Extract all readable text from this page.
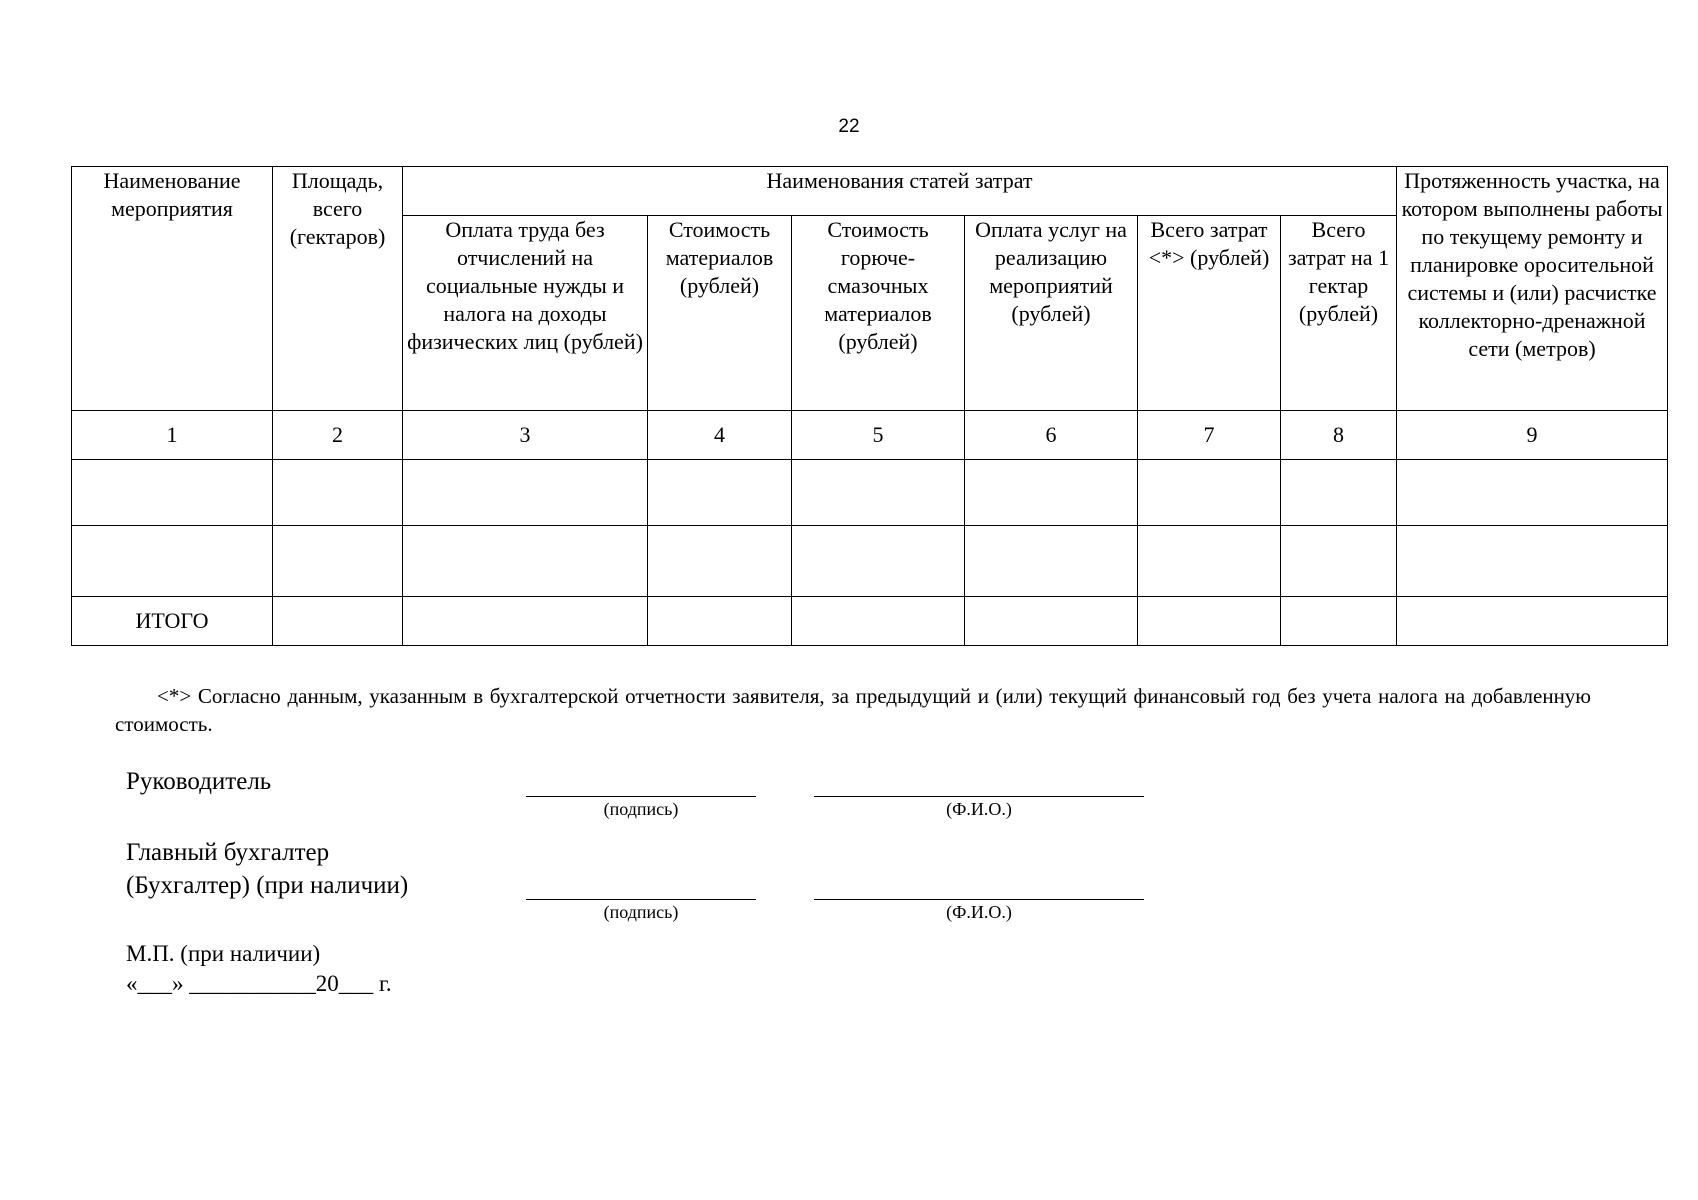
22
Наименование мероприятия	Площадь, всего (гектаров)	Наименования статей затрат						Протяженность участка, на котором выполнены работы по текущему ремонту и планировке оросительной системы и (или) расчистке коллекторно-дренажной сети (метров)
		Оплата труда без отчислений на социальные нужды и налога на доходы физических лиц (рублей)	Стоимость материалов (рублей)	Стоимость горюче-смазочных материалов (рублей)	Оплата услуг на реализацию мероприятий (рублей)	Всего затрат <*> (рублей)	Всего затрат на 1 гектар (рублей)	
1	2	3	4	5	6	7	8	9

ИТОГО								
<*> Согласно данным, указанным в бухгалтерской отчетности заявителя, за предыдущий и (или) текущий финансовый год без учета налога на добавленную стоимость.
Руководитель
(подпись)	(Ф.И.О.)
Главный бухгалтер
(Бухгалтер) (при наличии)
(подпись)	(Ф.И.О.)
М.П. (при наличии)
«___» ___________20___ г.
